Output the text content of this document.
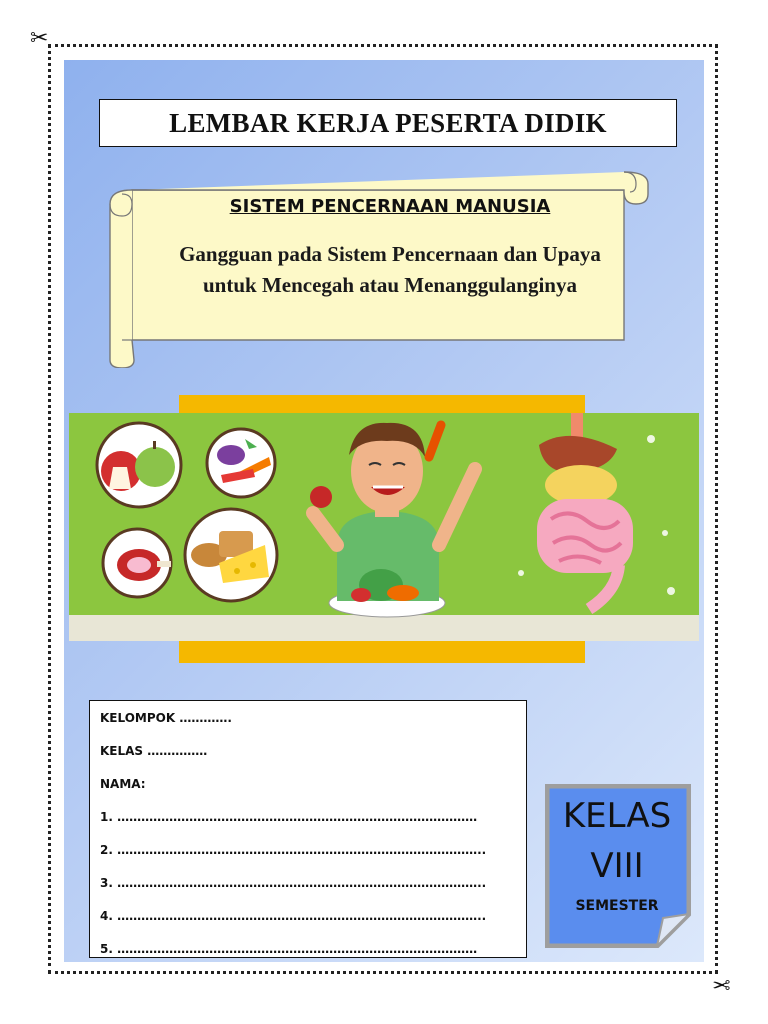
✂
✂
LEMBAR KERJA PESERTA DIDIK
SISTEM PENCERNAAN MANUSIA
Gangguan pada Sistem Pencernaan dan Upaya untuk Mencegah atau Menanggulanginya
KELOMPOK ………….
KELAS ……………
NAMA:
1. ………………………………………………………………………………
2. ………………………………………………………………………………..
3. ………………………………………………………………………………..
4. ………………………………………………………………………………..
5. ………………………………………………………………………………
KELAS
VIII
SEMESTER
